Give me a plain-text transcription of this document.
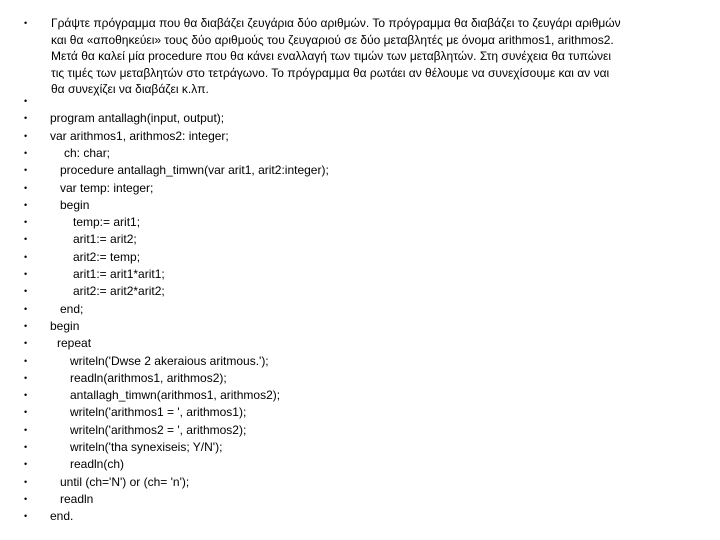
• Γράψτε πρόγραμμα που θα διαβάζει ζευγάρια δύο αριθμών. Το πρόγραμμα θα διαβάζει το ζευγάρι αριθμών
και θα «αποθηκεύει» τους δύο αριθμούς του ζευγαριού σε δύο μεταβλητές με όνομα arithmos1, arithmos2.
Μετά θα καλεί μία procedure που θα κάνει εναλλαγή των τιμών των μεταβλητών. Στη συνέχεια θα τυπώνει
τις τιμές των μεταβλητών στο τετράγωνο. Το πρόγραμμα θα ρωτάει αν θέλουμε να συνεχίσουμε και αν ναι
θα συνεχίζει να διαβάζει κ.λπ.
•
• program antallagh(input, output);
• var arithmos1, arithmos2: integer;
•	ch: char;
•	procedure antallagh_timwn(var arit1, arit2:integer);
•	var temp: integer;
•	begin
•	temp:= arit1;
•	arit1:= arit2;
•	arit2:= temp;
•	arit1:= arit1*arit1;
•	arit2:= arit2*arit2;
•	end;
• begin
• repeat
•	writeln('Dwse 2 akeraious aritmous.');
•	readln(arithmos1, arithmos2);
•	antallagh_timwn(arithmos1, arithmos2);
•	writeln('arithmos1 = ', arithmos1);
•	writeln('arithmos2 = ', arithmos2);
•	writeln('tha synexiseis; Y/N');
•	readln(ch)
•	until (ch='N') or (ch= 'n');
•	readln
• end.
